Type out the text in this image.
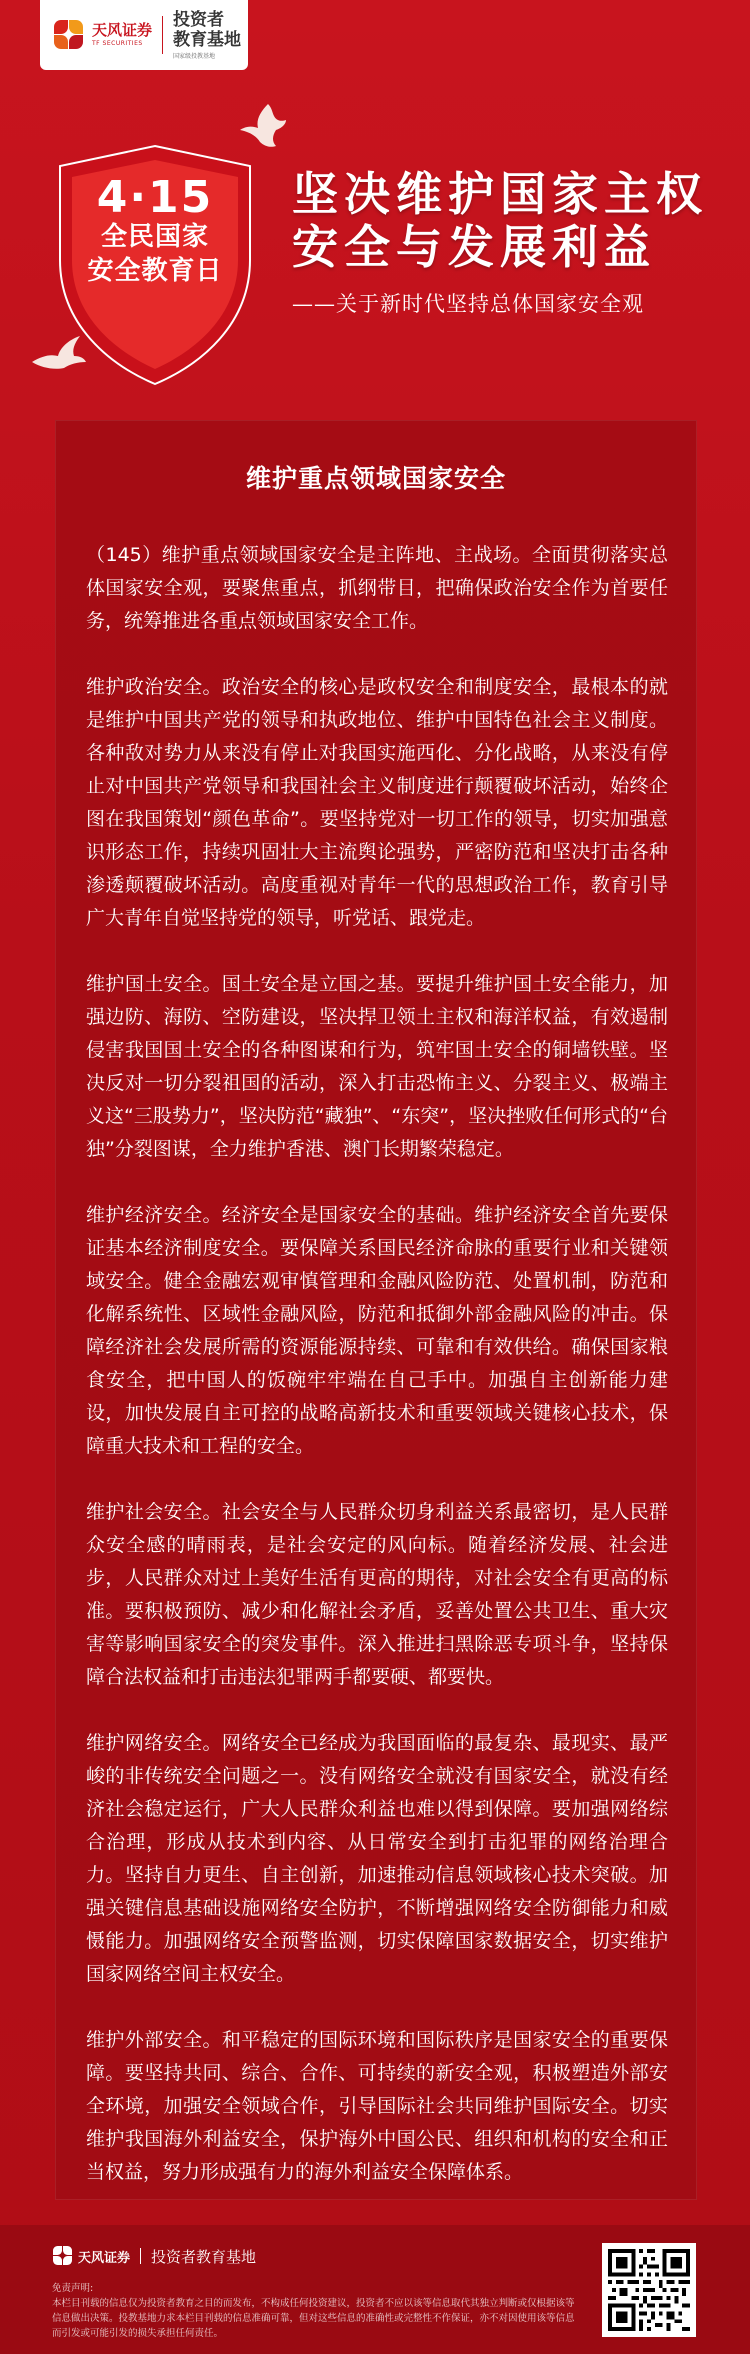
天风证券
TF SECURITIES
投资者
教育基地
国家级投教基地
4·15
全民国家
安全教育日
坚决维护国家主权
安全与发展利益
——关于新时代坚持总体国家安全观
维护重点领域国家安全

（145）维护重点领域国家安全是主阵地、主战场。全面贯彻落实总体国家安全观，要聚焦重点，抓纲带目，把确保政治安全作为首要任务，统筹推进各重点领域国家安全工作。

维护政治安全。政治安全的核心是政权安全和制度安全，最根本的就是维护中国共产党的领导和执政地位、维护中国特色社会主义制度。各种敌对势力从来没有停止对我国实施西化、分化战略，从来没有停止对中国共产党领导和我国社会主义制度进行颠覆破坏活动，始终企图在我国策划“颜色革命”。要坚持党对一切工作的领导，切实加强意识形态工作，持续巩固壮大主流舆论强势，严密防范和坚决打击各种渗透颠覆破坏活动。高度重视对青年一代的思想政治工作，教育引导广大青年自觉坚持党的领导，听党话、跟党走。

维护国土安全。国土安全是立国之基。要提升维护国土安全能力，加强边防、海防、空防建设，坚决捍卫领土主权和海洋权益，有效遏制侵害我国国土安全的各种图谋和行为，筑牢国土安全的铜墙铁壁。坚决反对一切分裂祖国的活动，深入打击恐怖主义、分裂主义、极端主义这“三股势力”，坚决防范“藏独”、“东突”，坚决挫败任何形式的“台独”分裂图谋，全力维护香港、澳门长期繁荣稳定。

维护经济安全。经济安全是国家安全的基础。维护经济安全首先要保证基本经济制度安全。要保障关系国民经济命脉的重要行业和关键领域安全。健全金融宏观审慎管理和金融风险防范、处置机制，防范和化解系统性、区域性金融风险，防范和抵御外部金融风险的冲击。保障经济社会发展所需的资源能源持续、可靠和有效供给。确保国家粮食安全，把中国人的饭碗牢牢端在自己手中。加强自主创新能力建设，加快发展自主可控的战略高新技术和重要领域关键核心技术，保障重大技术和工程的安全。

维护社会安全。社会安全与人民群众切身利益关系最密切，是人民群众安全感的晴雨表，是社会安定的风向标。随着经济发展、社会进步，人民群众对过上美好生活有更高的期待，对社会安全有更高的标准。要积极预防、减少和化解社会矛盾，妥善处置公共卫生、重大灾害等影响国家安全的突发事件。深入推进扫黑除恶专项斗争，坚持保障合法权益和打击违法犯罪两手都要硬、都要快。

维护网络安全。网络安全已经成为我国面临的最复杂、最现实、最严峻的非传统安全问题之一。没有网络安全就没有国家安全，就没有经济社会稳定运行，广大人民群众利益也难以得到保障。要加强网络综合治理，形成从技术到内容、从日常安全到打击犯罪的网络治理合力。坚持自力更生、自主创新，加速推动信息领域核心技术突破。加强关键信息基础设施网络安全防护，不断增强网络安全防御能力和威慑能力。加强网络安全预警监测，切实保障国家数据安全，切实维护国家网络空间主权安全。

维护外部安全。和平稳定的国际环境和国际秩序是国家安全的重要保障。要坚持共同、综合、合作、可持续的新安全观，积极塑造外部安全环境，加强安全领域合作，引导国际社会共同维护国际安全。切实维护我国海外利益安全，保护海外中国公民、组织和机构的安全和正当权益，努力形成强有力的海外利益安全保障体系。

天风证券 投资者教育基地
免责声明:
本栏目刊载的信息仅为投资者教育之目的而发布，不构成任何投资建议，投资者不应以该等信息取代其独立判断或仅根据该等信息做出决策。投教基地力求本栏目刊载的信息准确可靠，但对这些信息的准确性或完整性不作保证，亦不对因使用该等信息而引发或可能引发的损失承担任何责任。
